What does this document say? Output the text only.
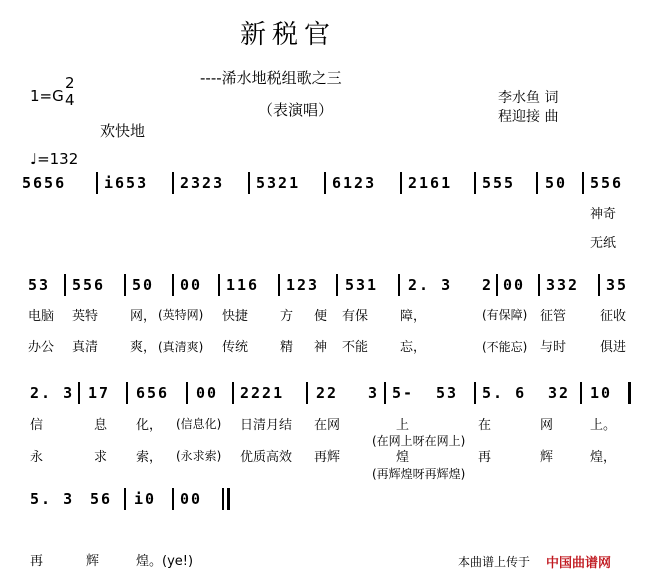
新税官
----浠水地税组歌之三
（表演唱）
1=G
2
4
欢快地
♩=132
李水鱼 词
程迎接 曲
5656	i653 2323 5321 6123 2161 555 50 556
神奇
无纸
53 556 50 00 116 123 531 2. 3 2 00 332 35
电脑 英特 网， (英特网) 快捷 方 便 有保 障，	(有保障) 征管	征收
办公 真清 爽， (真清爽) 传统 精 神 不能 忘，	(不能忘) 与时	俱进
2. 3 17 656 00 2221 22 3 5- 53 5. 6 32 10
信	息 化， (信息化) 日清月结 在网	上	在	网	上。
(在网上呀在网上)
永	求 索， (永求索) 优质高效 再辉	煌	再	辉	煌，
(再辉煌呀再辉煌)
5. 3 56 i0 00
再	辉	煌。(ye!)	本曲谱上传于 中国曲谱网
